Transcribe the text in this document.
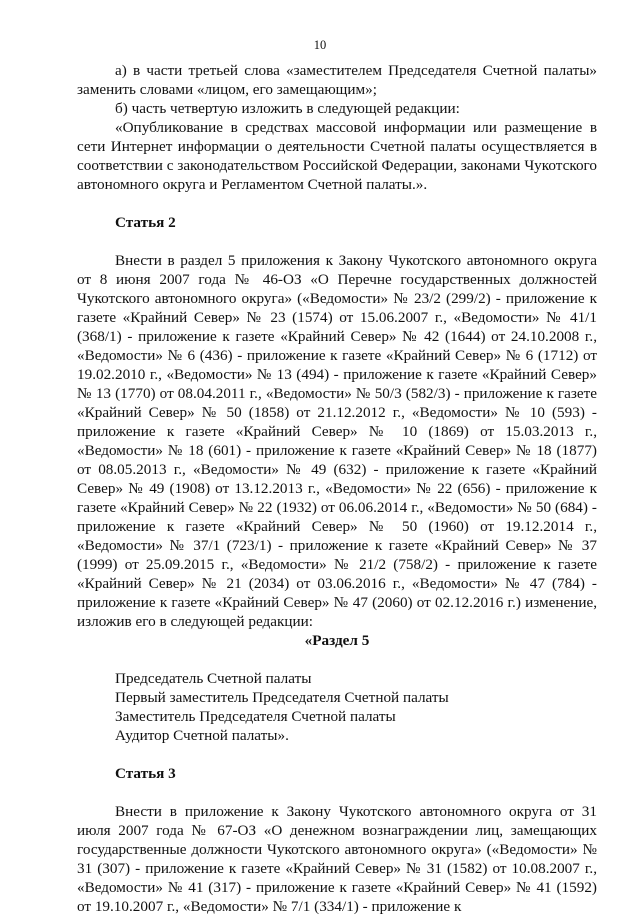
10

а) в части третьей слова «заместителем Председателя Счетной палаты» заменить словами «лицом, его замещающим»;

б) часть четвертую изложить в следующей редакции:

«Опубликование в средствах массовой информации или размещение в сети Интернет информации о деятельности Счетной палаты осуществляется в соответствии с законодательством Российской Федерации, законами Чукотского автономного округа и Регламентом Счетной палаты.».

Статья 2

Внести в раздел 5 приложения к Закону Чукотского автономного округа от 8 июня 2007 года № 46-ОЗ «О Перечне государственных должностей Чукотского автономного округа» («Ведомости» № 23/2 (299/2) - приложение к газете «Крайний Север» № 23 (1574) от 15.06.2007 г., «Ведомости» № 41/1 (368/1) - приложение к газете «Крайний Север» № 42 (1644) от 24.10.2008 г., «Ведомости» № 6 (436) - приложение к газете «Крайний Север» № 6 (1712) от 19.02.2010 г., «Ведомости» № 13 (494) - приложение к газете «Крайний Север» № 13 (1770) от 08.04.2011 г., «Ведомости» № 50/3 (582/3) - приложение к газете «Крайний Север» № 50 (1858) от 21.12.2012 г., «Ведомости» № 10 (593) - приложение к газете «Крайний Север» № 10 (1869) от 15.03.2013 г., «Ведомости» № 18 (601) - приложение к газете «Крайний Север» № 18 (1877) от 08.05.2013 г., «Ведомости» № 49 (632) - приложение к газете «Крайний Север» № 49 (1908) от 13.12.2013 г., «Ведомости» № 22 (656) - приложение к газете «Крайний Север» № 22 (1932) от 06.06.2014 г., «Ведомости» № 50 (684) - приложение к газете «Крайний Север» № 50 (1960) от 19.12.2014 г., «Ведомости» № 37/1 (723/1) - приложение к газете «Крайний Север» № 37 (1999) от 25.09.2015 г., «Ведомости» № 21/2 (758/2) - приложение к газете «Крайний Север» № 21 (2034) от 03.06.2016 г., «Ведомости» № 47 (784) - приложение к газете «Крайний Север» № 47 (2060) от 02.12.2016 г.) изменение, изложив его в следующей редакции:

«Раздел 5

Председатель Счетной палаты

Первый заместитель Председателя Счетной палаты

Заместитель Председателя Счетной палаты

Аудитор Счетной палаты».

Статья 3

Внести в приложение к Закону Чукотского автономного округа от 31 июля 2007 года № 67-ОЗ «О денежном вознаграждении лиц, замещающих государственные должности Чукотского автономного округа» («Ведомости» № 31 (307) - приложение к газете «Крайний Север» № 31 (1582) от 10.08.2007 г., «Ведомости» № 41 (317) - приложение к газете «Крайний Север» № 41 (1592) от 19.10.2007 г., «Ведомости» № 7/1 (334/1) - приложение к
